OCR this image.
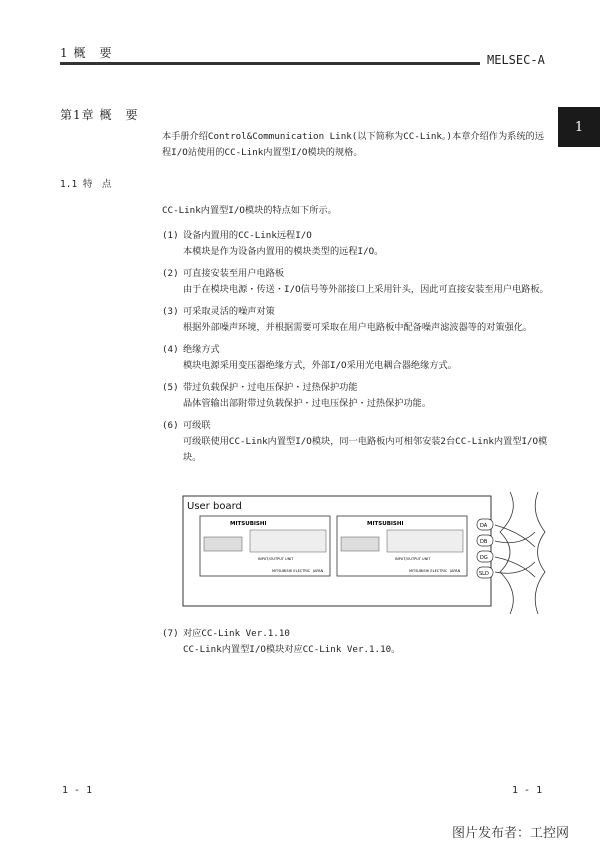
1 概　要	MELSEC-A
1
第1章 概　要
本手册介绍Control&Communication Link(以下简称为CC-Link。)本章介绍作为系统的远程I/O站使用的CC-Link内置型I/O模块的规格。
1.1 特　点
CC-Link内置型I/O模块的特点如下所示。
(1) 设备内置用的CC-Link远程I/O
本模块是作为设备内置用的模块类型的远程I/O。
(2) 可直接安装至用户电路板
由于在模块电源・传送・I/O信号等外部接口上采用针头，因此可直接安装至用户电路板。
(3) 可采取灵活的噪声对策
根据外部噪声环境，并根据需要可采取在用户电路板中配备噪声滤波器等的对策强化。
(4) 绝缘方式
模块电源采用变压器绝缘方式，外部I/O采用光电耦合器绝缘方式。
(5) 带过负载保护・过电压保护・过热保护功能
晶体管输出部附带过负载保护・过电压保护・过热保护功能。
(6) 可级联
可级联使用CC-Link内置型I/O模块，同一电路板内可相邻安装2台CC-Link内置型I/O模块。
User board
MITSUBISHI
INPUT/OUTPUT UNIT
MITSUBISHI ELECTRIC JAPAN
MITSUBISHI
INPUT/OUTPUT UNIT
MITSUBISHI ELECTRIC JAPAN
DA
DB
DG
SLD
(7) 对应CC-Link Ver.1.10
CC-Link内置型I/O模块对应CC-Link Ver.1.10。
1 - 1	1 - 1
图片发布者：工控网
